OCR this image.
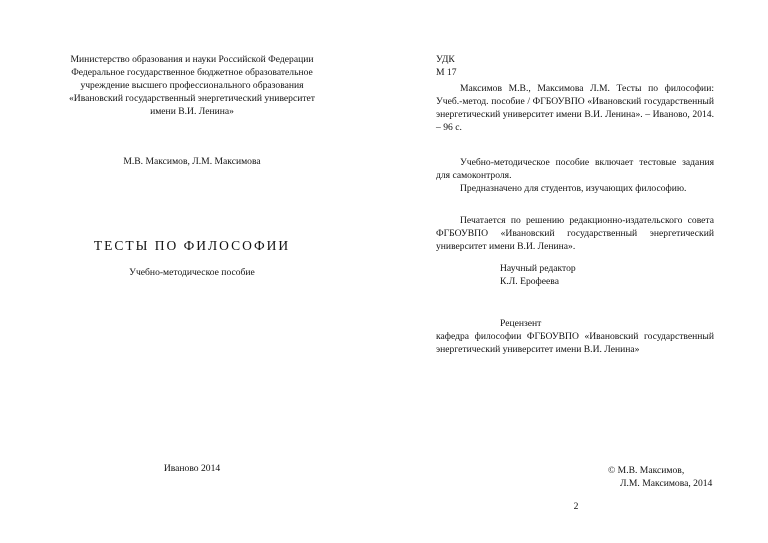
Министерство образования и науки Российской Федерации
Федеральное государственное бюджетное образовательное
учреждение высшего профессионального образования
«Ивановский государственный энергетический университет
имени В.И. Ленина»
М.В. Максимов, Л.М. Максимова
ТЕСТЫ ПО ФИЛОСОФИИ
Учебно-методическое пособие
Иваново 2014
УДК
М 17
Максимов М.В., Максимова Л.М. Тесты по философии: Учеб.-метод. пособие / ФГБОУВПО «Ивановский государственный энергетический университет имени В.И. Ленина». – Иваново, 2014. – 96 с.
Учебно-методическое пособие включает тестовые задания для самоконтроля.
Предназначено для студентов, изучающих философию.
Печатается по решению редакционно-издательского совета ФГБОУВПО «Ивановский государственный энергетический университет имени В.И. Ленина».
Научный редактор
К.Л. Ерофеева
Рецензент
кафедра философии ФГБОУВПО «Ивановский государственный энергетический университет имени В.И. Ленина»
© М.В. Максимов,
Л.М. Максимова, 2014
2
